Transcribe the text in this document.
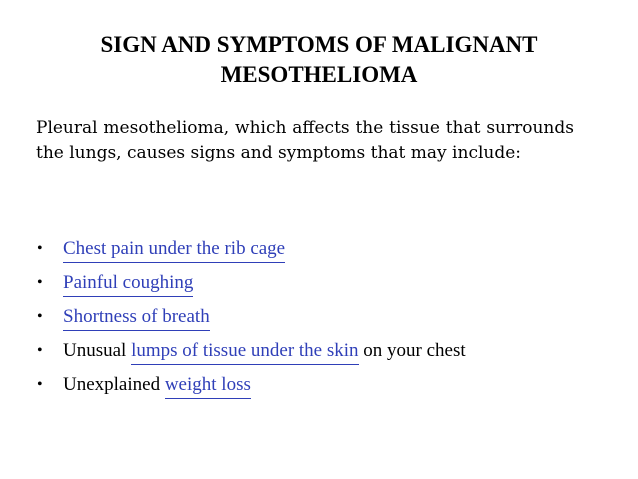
SIGN AND SYMPTOMS OF MALIGNANT
MESOTHELIOMA

Pleural mesothelioma, which affects the tissue that surrounds the lungs, causes signs and symptoms that may include:

• Chest pain under the rib cage
• Painful coughing
• Shortness of breath
• Unusual lumps of tissue under the skin on your chest
• Unexplained weight loss
